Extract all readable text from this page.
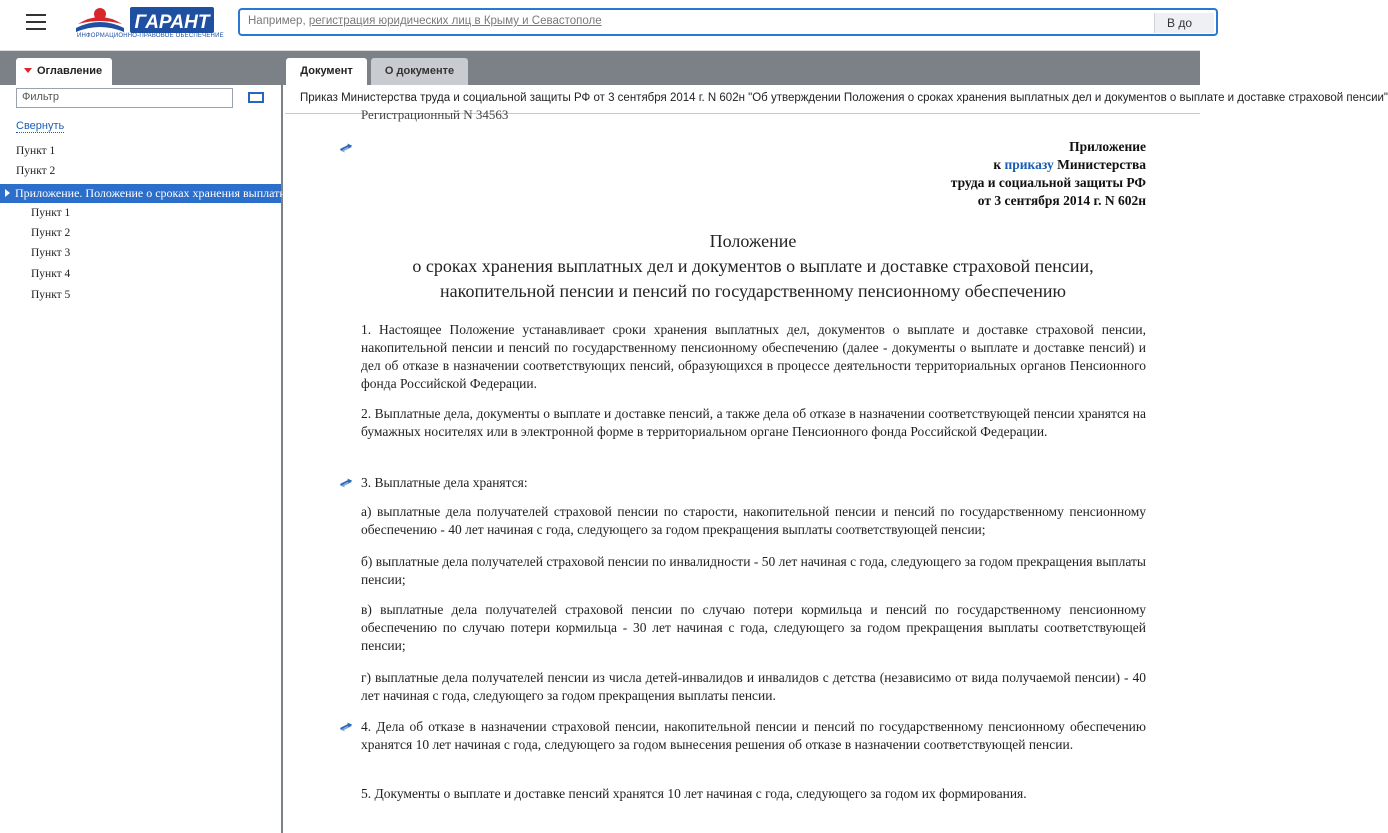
ГАРАНТ
ИНФОРМАЦИОННО-ПРАВОВОЕ ОБЕСПЕЧЕНИЕ
Например, регистрация юридических лиц в Крыму и Севастополе	В до
Оглавление	Документ	О документе
Фильтр
Свернуть
Пункт 1
Пункт 2
Приложение. Положение о сроках хранения выплатных дел и документов о выплате и доставке страховой пенсии
Пункт 1
Пункт 2
Пункт 3
Пункт 4
Пункт 5
Приказ Министерства труда и социальной защиты РФ от 3 сентября 2014 г. N 602н "Об утверждении Положения о сроках хранения выплатных дел и документов о выплате и доставке страховой пенсии"
Регистрационный N 34563
Приложение
к приказу Министерства
труда и социальной защиты РФ
от 3 сентября 2014 г. N 602н
Положение
о сроках хранения выплатных дел и документов о выплате и доставке страховой пенсии,
накопительной пенсии и пенсий по государственному пенсионному обеспечению
1. Настоящее Положение устанавливает сроки хранения выплатных дел, документов о выплате и доставке страховой пенсии, накопительной пенсии и пенсий по государственному пенсионному обеспечению (далее - документы о выплате и доставке пенсий) и дел об отказе в назначении соответствующих пенсий, образующихся в процессе деятельности территориальных органов Пенсионного фонда Российской Федерации.
2. Выплатные дела, документы о выплате и доставке пенсий, а также дела об отказе в назначении соответствующей пенсии хранятся на бумажных носителях или в электронной форме в территориальном органе Пенсионного фонда Российской Федерации.
3. Выплатные дела хранятся:
а) выплатные дела получателей страховой пенсии по старости, накопительной пенсии и пенсий по государственному пенсионному обеспечению - 40 лет начиная с года, следующего за годом прекращения выплаты соответствующей пенсии;
б) выплатные дела получателей страховой пенсии по инвалидности - 50 лет начиная с года, следующего за годом прекращения выплаты пенсии;
в) выплатные дела получателей страховой пенсии по случаю потери кормильца и пенсий по государственному пенсионному обеспечению по случаю потери кормильца - 30 лет начиная с года, следующего за годом прекращения выплаты соответствующей пенсии;
г) выплатные дела получателей пенсии из числа детей-инвалидов и инвалидов с детства (независимо от вида получаемой пенсии) - 40 лет начиная с года, следующего за годом прекращения выплаты пенсии.
4. Дела об отказе в назначении страховой пенсии, накопительной пенсии и пенсий по государственному пенсионному обеспечению хранятся 10 лет начиная с года, следующего за годом вынесения решения об отказе в назначении соответствующей пенсии.
5. Документы о выплате и доставке пенсий хранятся 10 лет начиная с года, следующего за годом их формирования.
